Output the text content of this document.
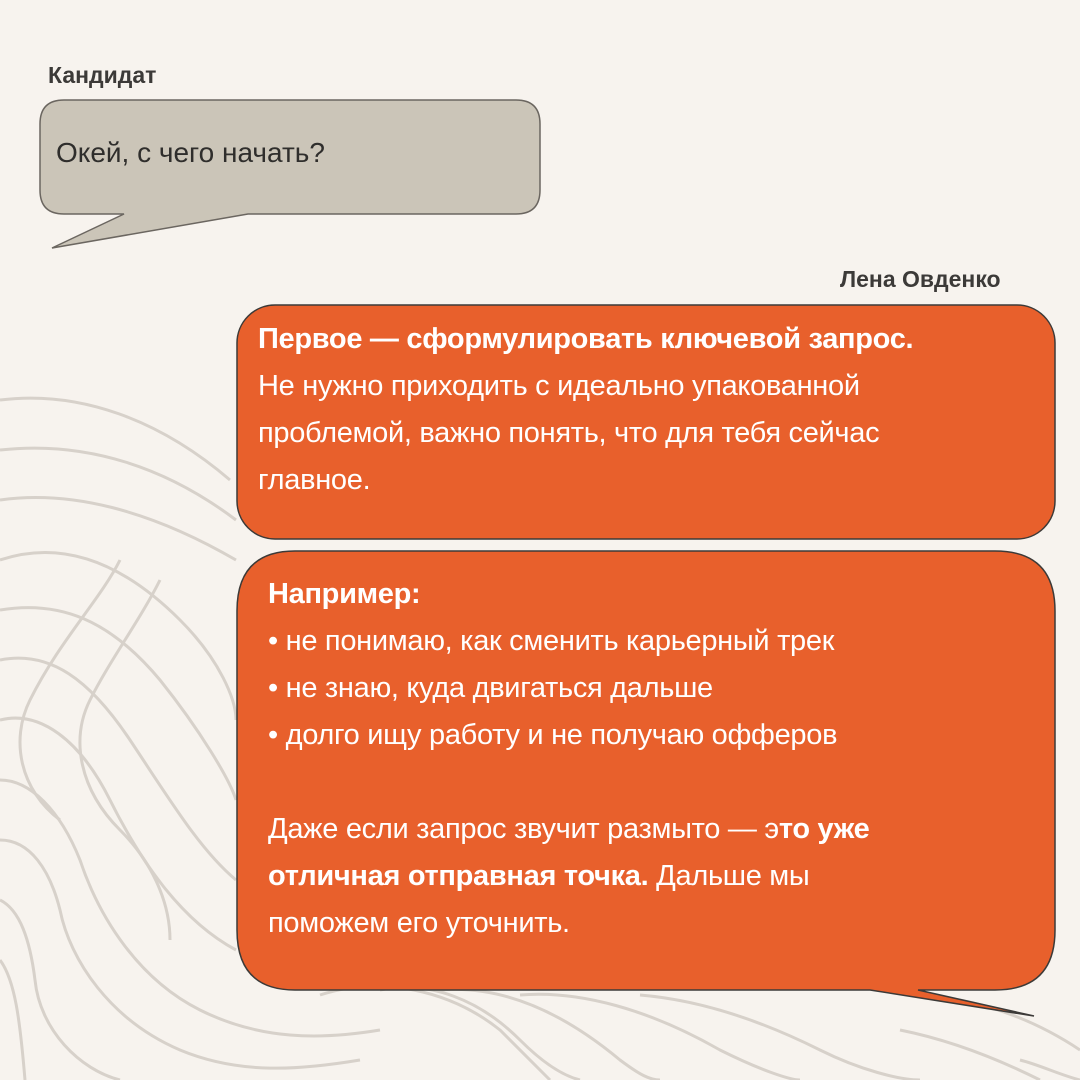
Кандидат
Окей, с чего начать?
Лена Овденко
Первое — сформулировать ключевой запрос.
Не нужно приходить с идеально упакованной
проблемой, важно понять, что для тебя сейчас
главное.
Например:
• не понимаю, как сменить карьерный трек
• не знаю, куда двигаться дальше
• долго ищу работу и не получаю офферов
Даже если запрос звучит размыто — это уже
отличная отправная точка. Дальше мы
поможем его уточнить.
